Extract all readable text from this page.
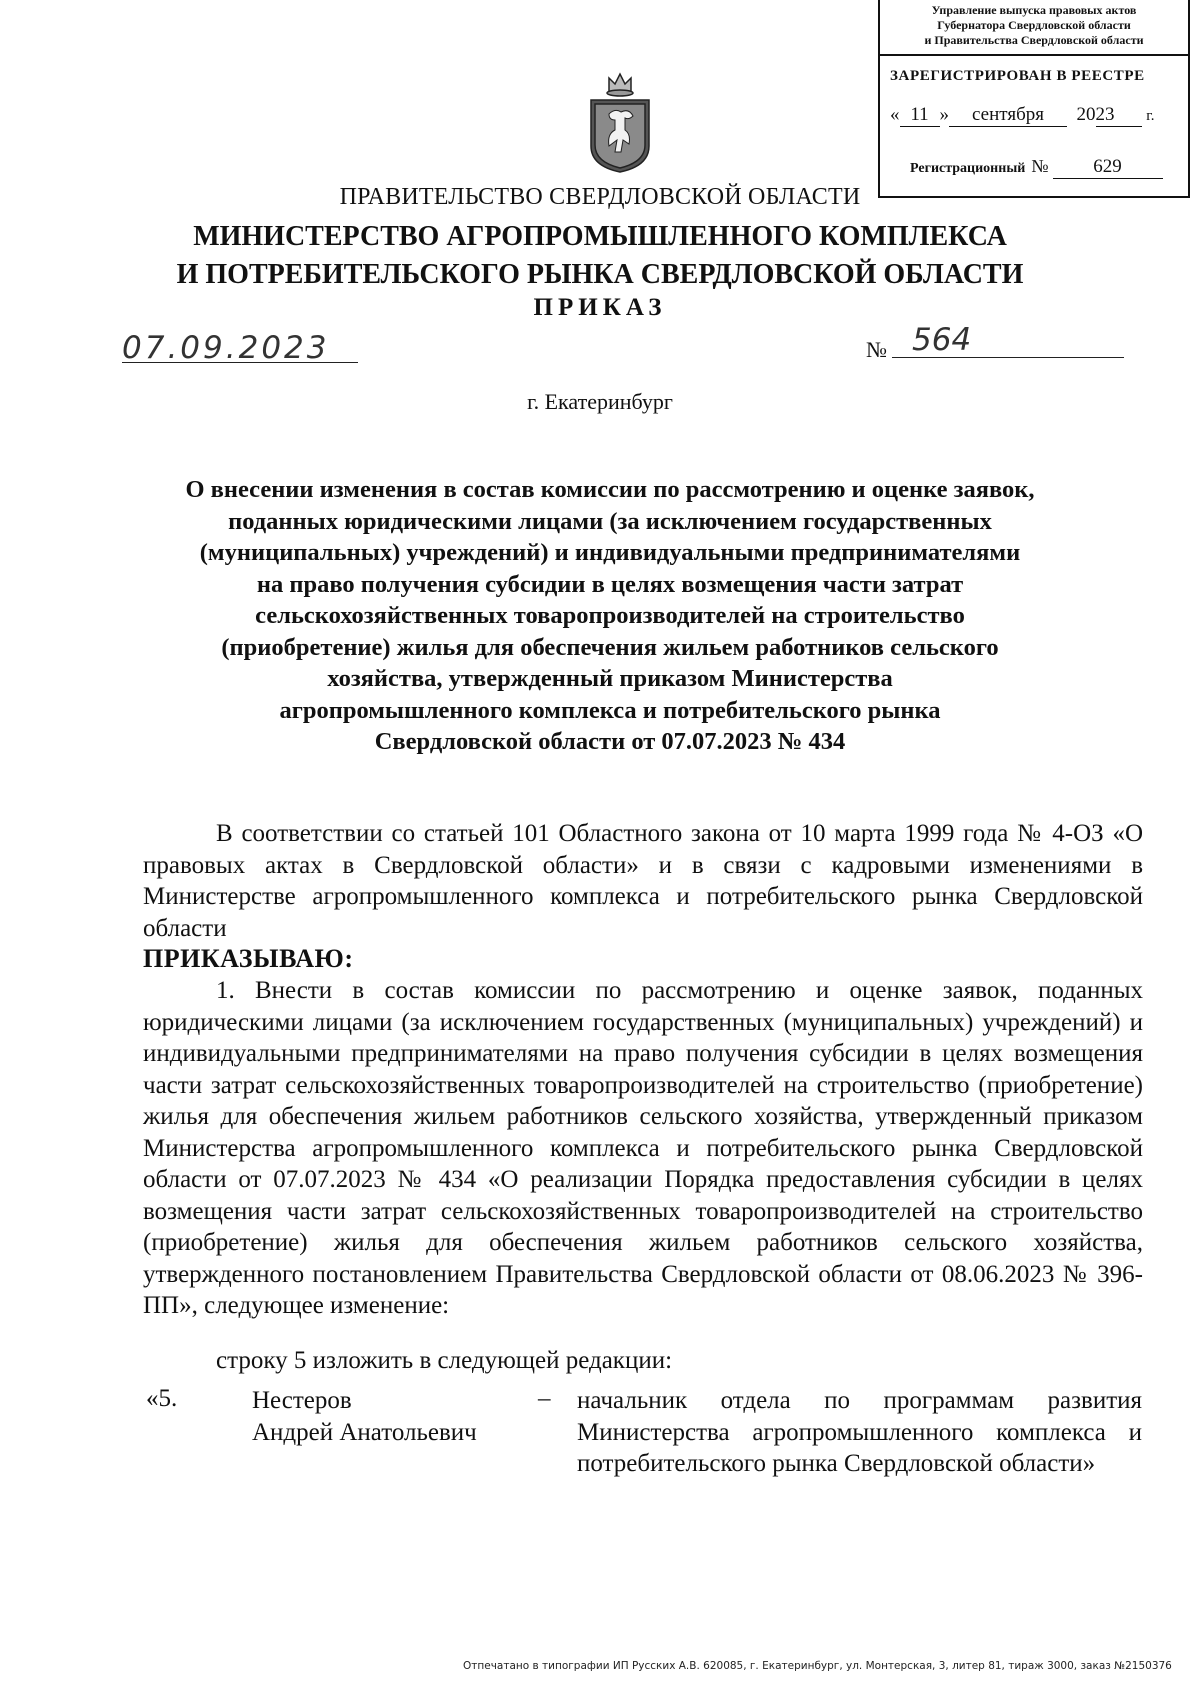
Управление выпуска правовых актов
Губернатора Свердловской области
и Правительства Свердловской области
ЗАРЕГИСТРИРОВАН В РЕЕСТРЕ
« 11 » сентября 2023 г.
Регистрационный № 629
ПРАВИТЕЛЬСТВО СВЕРДЛОВСКОЙ ОБЛАСТИ
МИНИСТЕРСТВО АГРОПРОМЫШЛЕННОГО КОМПЛЕКСА
И ПОТРЕБИТЕЛЬСКОГО РЫНКА СВЕРДЛОВСКОЙ ОБЛАСТИ
ПРИКАЗ
07.09.2023	№ 564
г. Екатеринбург
О внесении изменения в состав комиссии по рассмотрению и оценке заявок,
поданных юридическими лицами (за исключением государственных
(муниципальных) учреждений) и индивидуальными предпринимателями
на право получения субсидии в целях возмещения части затрат
сельскохозяйственных товаропроизводителей на строительство
(приобретение) жилья для обеспечения жильем работников сельского
хозяйства, утвержденный приказом Министерства
агропромышленного комплекса и потребительского рынка
Свердловской области от 07.07.2023 № 434
В соответствии со статьей 101 Областного закона от 10 марта 1999 года № 4-ОЗ «О правовых актах в Свердловской области» и в связи с кадровыми изменениями в Министерстве агропромышленного комплекса и потребительского рынка Свердловской области
ПРИКАЗЫВАЮ:
1. Внести в состав комиссии по рассмотрению и оценке заявок, поданных юридическими лицами (за исключением государственных (муниципальных) учреждений) и индивидуальными предпринимателями на право получения субсидии в целях возмещения части затрат сельскохозяйственных товаропроизводителей на строительство (приобретение) жилья для обеспечения жильем работников сельского хозяйства, утвержденный приказом Министерства агропромышленного комплекса и потребительского рынка Свердловской области от 07.07.2023 № 434 «О реализации Порядка предоставления субсидии в целях возмещения части затрат сельскохозяйственных товаропроизводителей на строительство (приобретение) жилья для обеспечения жильем работников сельского хозяйства, утвержденного постановлением Правительства Свердловской области от 08.06.2023 № 396-ПП», следующее изменение:
строку 5 изложить в следующей редакции:
«5.	Нестеров
Андрей Анатольевич
– начальник отдела по программам развития Министерства агропромышленного комплекса и потребительского рынка Свердловской области»
Отпечатано в типографии ИП Русских А.В. 620085, г. Екатеринбург, ул. Монтерская, 3, литер 81, тираж 3000, заказ №2150376
